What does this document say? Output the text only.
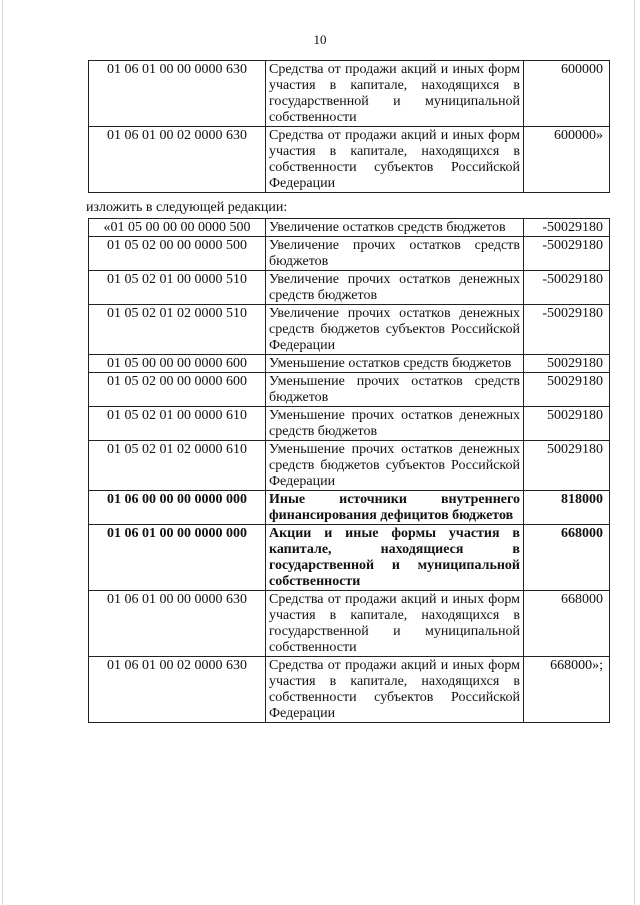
10
01 06 01 00 00 0000 630	Средства от продажи акций и иных форм участия в капитале, находящихся в государственной и муниципальной собственности	600000
01 06 01 00 02 0000 630	Средства от продажи акций и иных форм участия в капитале, находящихся в собственности субъектов Российской Федерации	600000»
изложить в следующей редакции:
«01 05 00 00 00 0000 500	Увеличение остатков средств бюджетов	-50029180
01 05 02 00 00 0000 500	Увеличение прочих остатков средств бюджетов	-50029180
01 05 02 01 00 0000 510	Увеличение прочих остатков денежных средств бюджетов	-50029180
01 05 02 01 02 0000 510	Увеличение прочих остатков денежных средств бюджетов субъектов Российской Федерации	-50029180
01 05 00 00 00 0000 600	Уменьшение остатков средств бюджетов	50029180
01 05 02 00 00 0000 600	Уменьшение прочих остатков средств бюджетов	50029180
01 05 02 01 00 0000 610	Уменьшение прочих остатков денежных средств бюджетов	50029180
01 05 02 01 02 0000 610	Уменьшение прочих остатков денежных средств бюджетов субъектов Российской Федерации	50029180
01 06 00 00 00 0000 000	Иные источники внутреннего финансирования дефицитов бюджетов	818000
01 06 01 00 00 0000 000	Акции и иные формы участия в капитале, находящиеся в государственной и муниципальной собственности	668000
01 06 01 00 00 0000 630	Средства от продажи акций и иных форм участия в капитале, находящихся в государственной и муниципальной собственности	668000
01 06 01 00 02 0000 630	Средства от продажи акций и иных форм участия в капитале, находящихся в собственности субъектов Российской Федерации	668000»;
